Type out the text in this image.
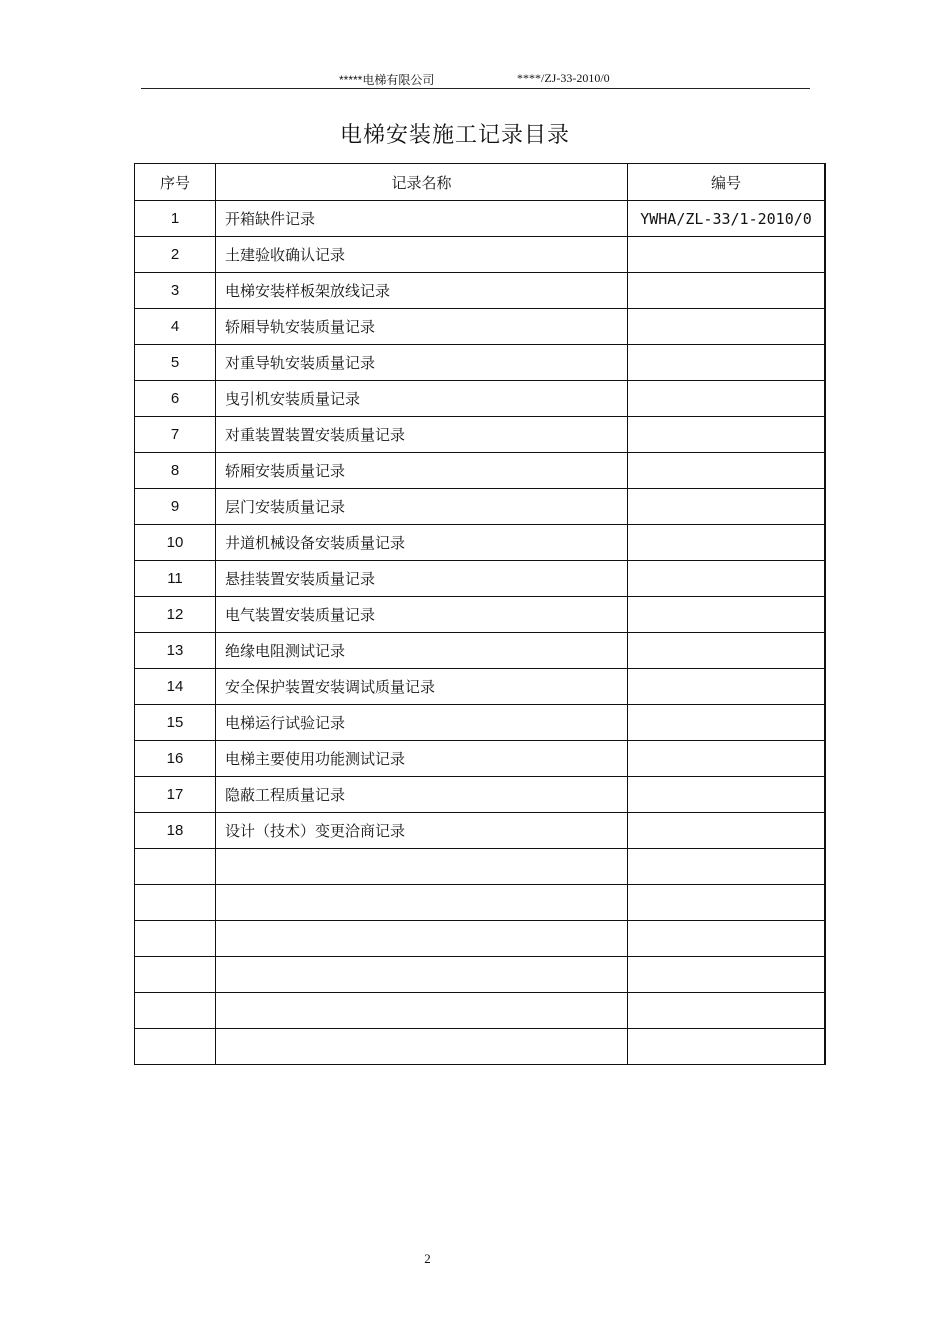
*****电梯有限公司	****/ZJ-33-2010/0
电梯安装施工记录目录
序号	记录名称	编号
1	开箱缺件记录	YWHA/ZL-33/1-2010/0
2	土建验收确认记录	
3	电梯安装样板架放线记录	
4	轿厢导轨安装质量记录	
5	对重导轨安装质量记录	
6	曳引机安装质量记录	
7	对重装置装置安装质量记录	
8	轿厢安装质量记录	
9	层门安装质量记录	
10	井道机械设备安装质量记录	
11	悬挂装置安装质量记录	
12	电气装置安装质量记录	
13	绝缘电阻测试记录	
14	安全保护装置安装调试质量记录	
15	电梯运行试验记录	
16	电梯主要使用功能测试记录	
17	隐蔽工程质量记录	
18	设计（技术）变更洽商记录	

2
